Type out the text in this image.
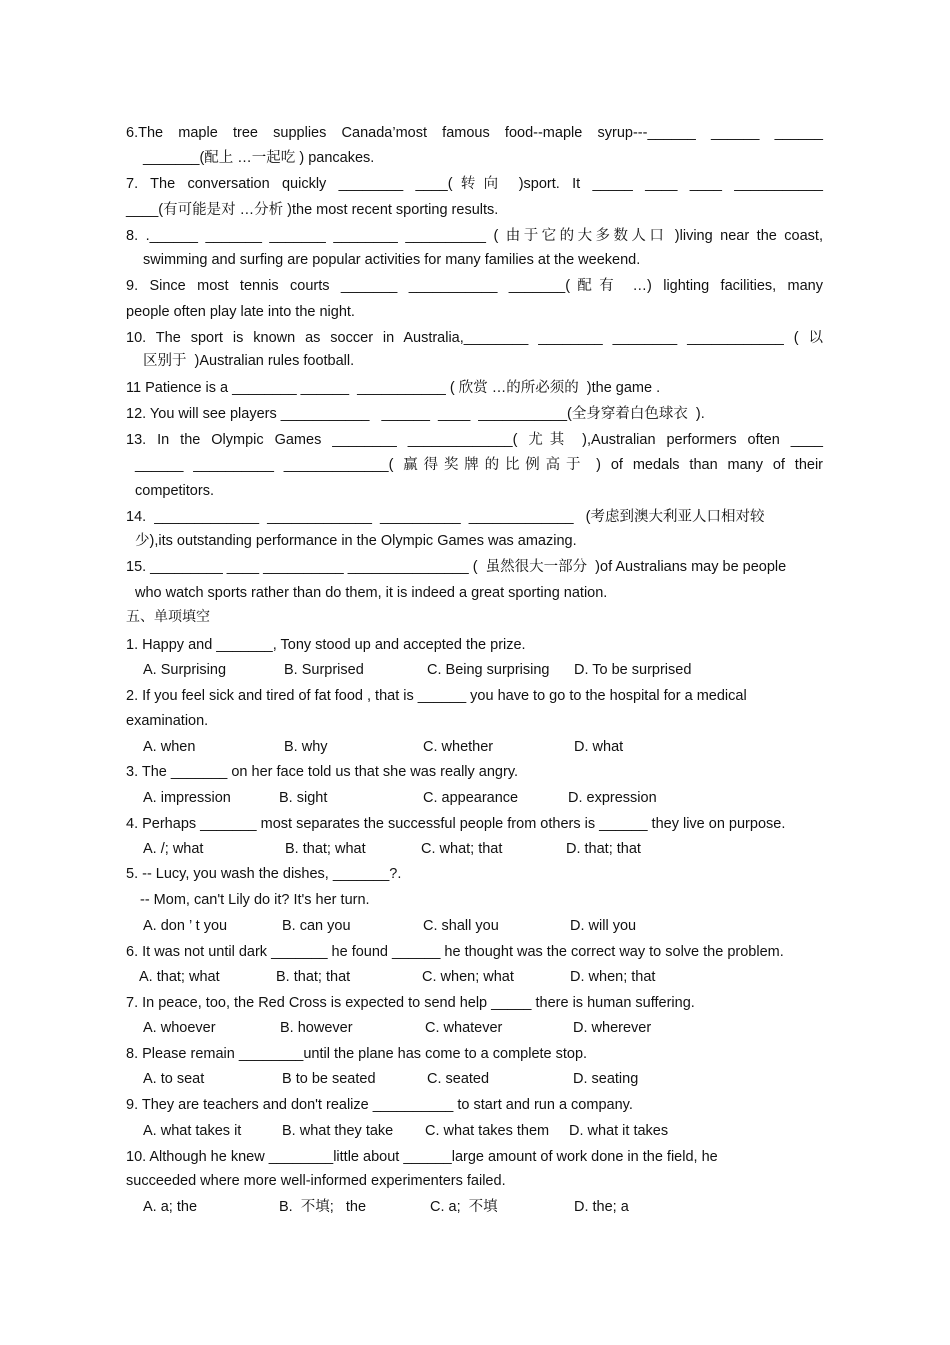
6.The maple tree supplies Canada’most famous food--maple syrup---______ ______ ______
_______(配上 …一起吃 ) pancakes.
7. The conversation quickly ________ ____(转向 )sport. It _____ ____ ____ ___________
____(有可能是对 …分析 )the most recent sporting results.
8. .______ _______ _______ ________ __________ ( 由于它的大多数人口 )living near the coast,
swimming and surfing are popular activities for many families at the weekend.
9. Since most tennis courts _______ ___________ _______(配有 …) lighting facilities, many
people often play late into the night.
10. The sport is known as soccer in Australia,________ ________ ________ ____________ ( 以
区别于  )Australian rules football.
11 Patience is a ________ ______  ___________ ( 欣赏 …的所必须的  )the game .
12. You will see players ___________   ______  ____  ___________(全身穿着白色球衣  ).
13. In the Olympic Games ________ _____________( 尤其 ),Australian performers often ____
______ __________ _____________( 赢得奖牌的比例高于 ) of medals than many of their
competitors.
14.  _____________  _____________  __________  _____________   (考虑到澳大利亚人口相对较
少),its outstanding performance in the Olympic Games was amazing.
15. _________ ____ __________ _______________ (  虽然很大一部分  )of Australians may be people
who watch sports rather than do them, it is indeed a great sporting nation.
五、单项填空
1. Happy and _______, Tony stood up and accepted the prize.
A. Surprising	B. Surprised	C. Being surprising D. To be surprised
2. If you feel sick and tired of fat food , that is ______ you have to go to the hospital for a medical
examination.
A. when	B. why	C. whether	D. what
3. The _______ on her face told us that she was really angry.
A. impression	B. sight	C. appearance	D. expression
4. Perhaps _______ most separates the successful people from others is ______ they live on purpose.
A. /; what	B. that; what	C. what; that	D. that; that
5. -- Lucy, you wash the dishes, _______?.
-- Mom, can't Lily do it? It's her turn.
A. don ’ t you	B. can you	C. shall you	D. will you
6. It was not until dark _______ he found ______ he thought was the correct way to solve the problem.
A. that; what	B. that; that	C. when; what	D. when; that
7. In peace, too, the Red Cross is expected to send help _____ there is human suffering.
A. whoever	B. however	C. whatever	D. wherever
8. Please remain ________until the plane has come to a complete stop.
A. to seat	B to be seated	C. seated	D. seating
9. They are teachers and don't realize __________ to start and run a company.
A. what takes it	B. what they take C. what takes them D. what it takes
10. Although he knew ________little about ______large amount of work done in the field, he
succeeded where more well-informed experimenters failed.
A. a; the	B.  不填;   the	C. a;  不填	D. the; a
